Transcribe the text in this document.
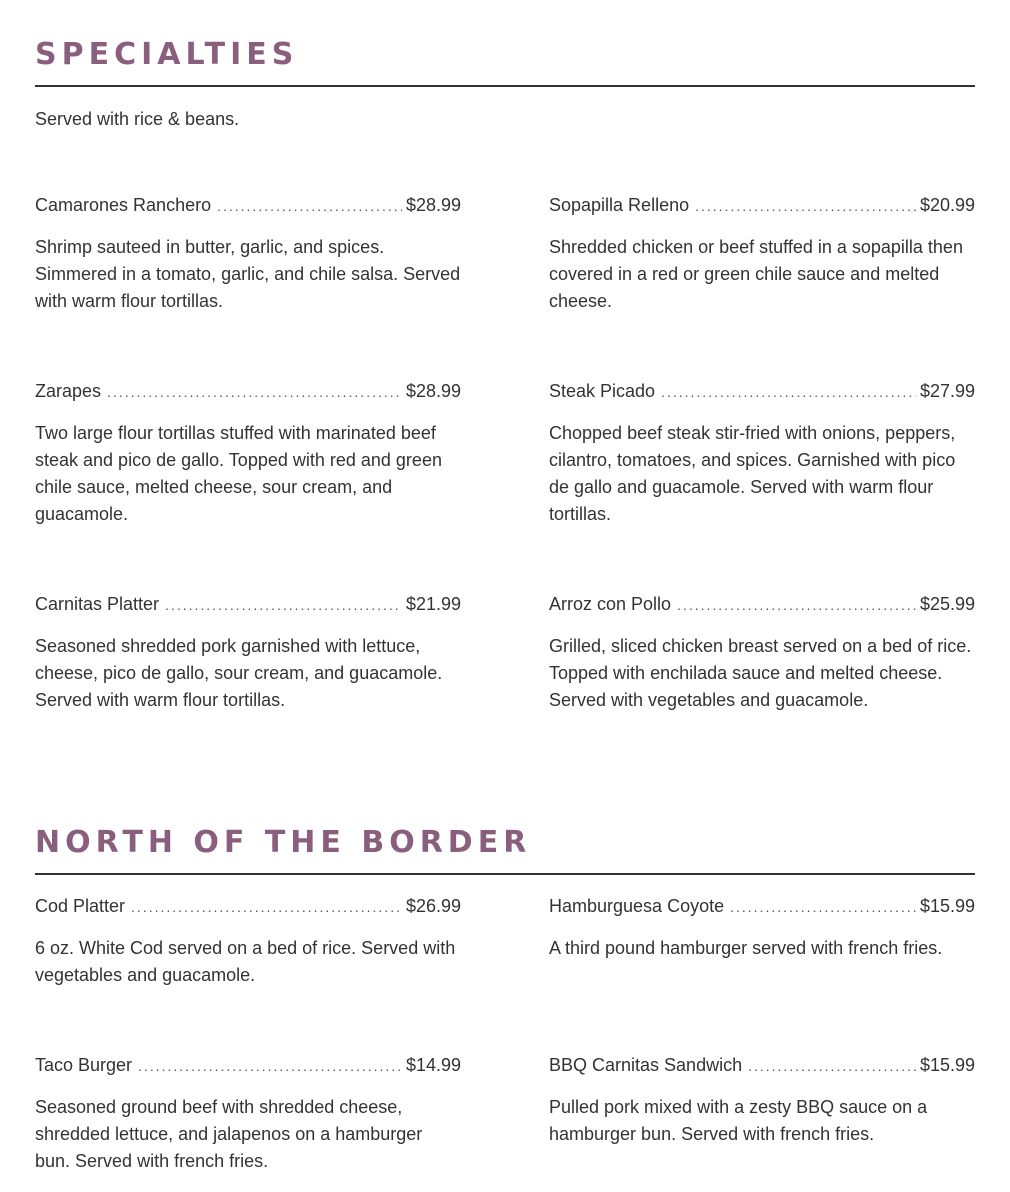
SPECIALTIES

Served with rice & beans.

Camarones Ranchero .....	$28.99
Shrimp sauteed in butter, garlic, and spices. Simmered in a tomato, garlic, and chile salsa. Served with warm flour tortillas.
Sopapilla Relleno .....	$20.99
Shredded chicken or beef stuffed in a sopapilla then covered in a red or green chile sauce and melted cheese.
Zarapes .....	$28.99
Two large flour tortillas stuffed with marinated beef steak and pico de gallo. Topped with red and green chile sauce, melted cheese, sour cream, and guacamole.
Steak Picado .....	$27.99
Chopped beef steak stir-fried with onions, peppers, cilantro, tomatoes, and spices. Garnished with pico de gallo and guacamole. Served with warm flour tortillas.
Carnitas Platter .....	$21.99
Seasoned shredded pork garnished with lettuce, cheese, pico de gallo, sour cream, and guacamole. Served with warm flour tortillas.
Arroz con Pollo .....	$25.99
Grilled, sliced chicken breast served on a bed of rice. Topped with enchilada sauce and melted cheese. Served with vegetables and guacamole.
NORTH OF THE BORDER
Cod Platter .....	$26.99
6 oz. White Cod served on a bed of rice. Served with vegetables and guacamole.
Hamburguesa Coyote .....	$15.99
A third pound hamburger served with french fries.
Taco Burger .....	$14.99
Seasoned ground beef with shredded cheese, shredded lettuce, and jalapenos on a hamburger bun. Served with french fries.
BBQ Carnitas Sandwich .....	$15.99
Pulled pork mixed with a zesty BBQ sauce on a hamburger bun. Served with french fries.
